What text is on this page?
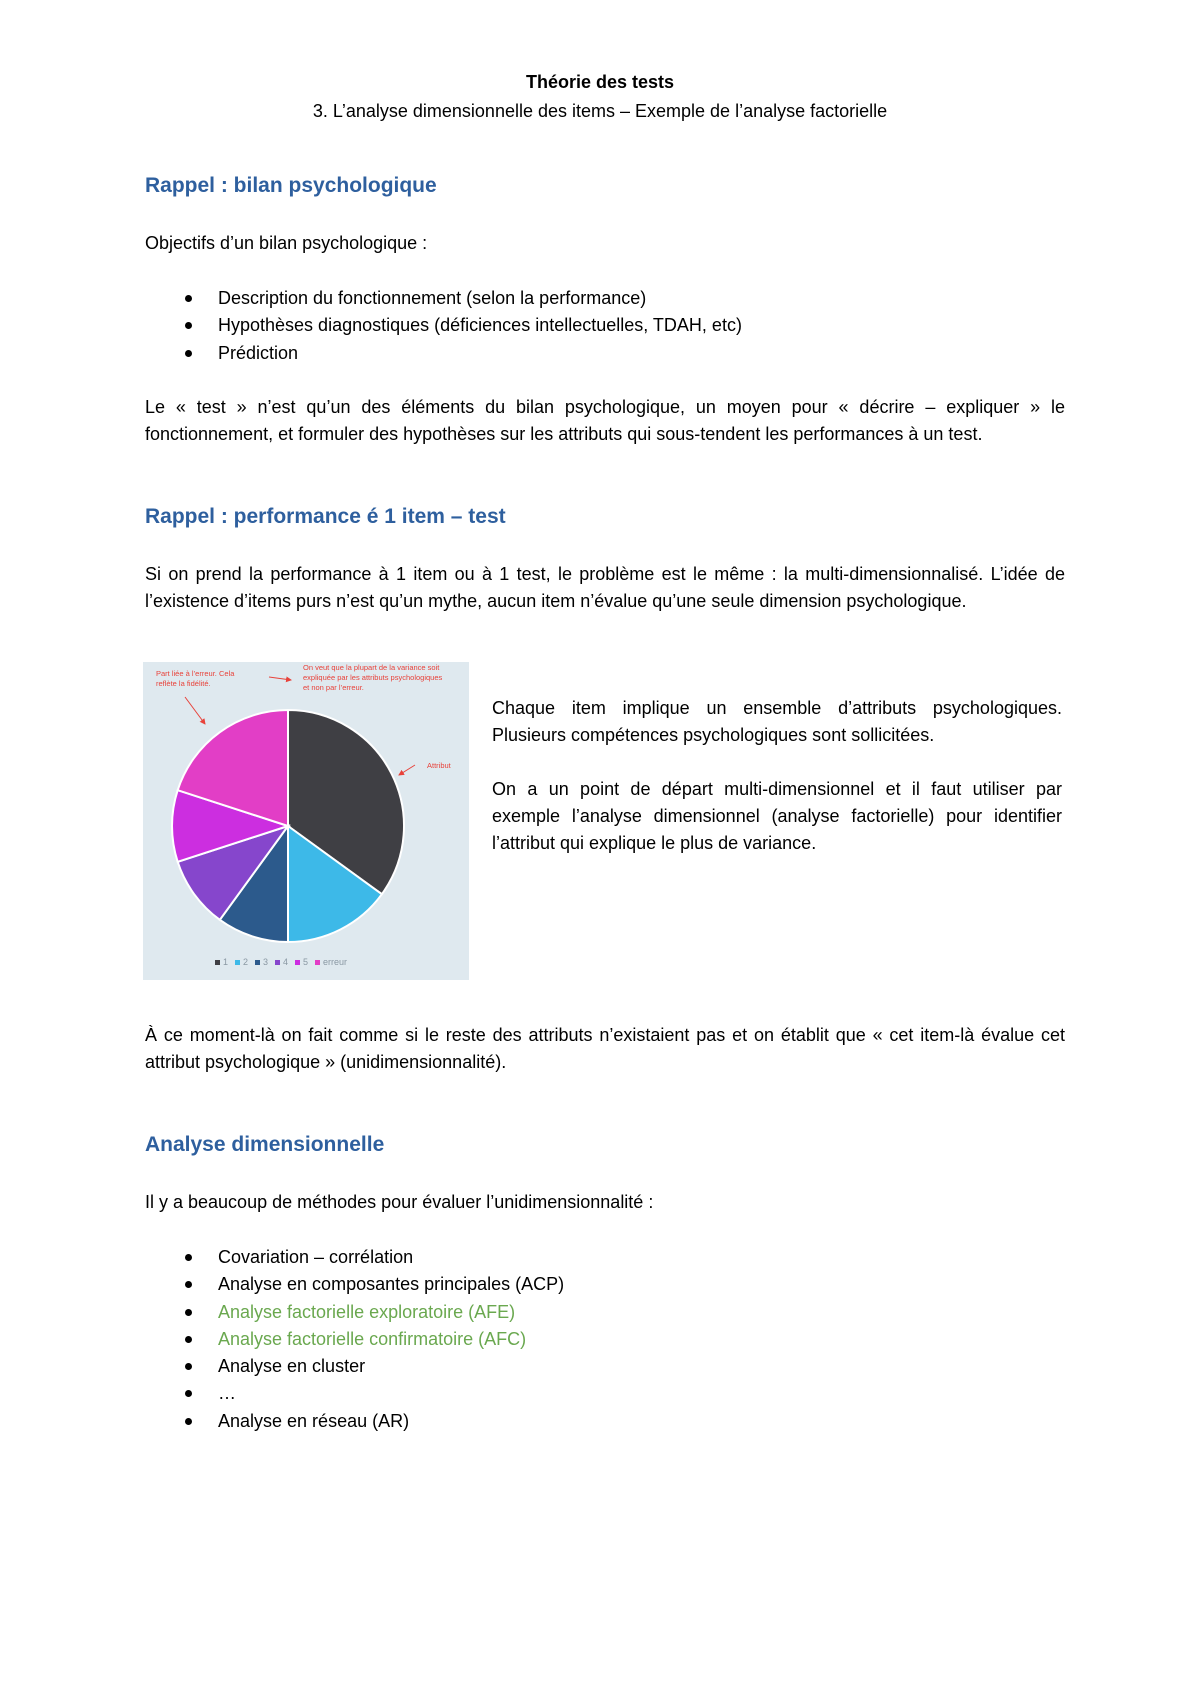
Théorie des tests
3. L’analyse dimensionnelle des items – Exemple de l’analyse factorielle
Rappel : bilan psychologique
Objectifs d’un bilan psychologique :
Description du fonctionnement (selon la performance)
Hypothèses diagnostiques (déficiences intellectuelles, TDAH, etc)
Prédiction
Le « test » n’est qu’un des éléments du bilan psychologique, un moyen pour « décrire – expliquer » le fonctionnement, et formuler des hypothèses sur les attributs qui sous-tendent les performances à un test.
Rappel : performance é 1 item – test
Si on prend la performance à 1 item ou à 1 test, le problème est le même : la multi-dimensionnalisé. L’idée de l’existence d’items purs n’est qu’un mythe, aucun item n’évalue qu’une seule dimension psychologique.
Part liée à l’erreur. Cela reflète la fidélité.
On veut que la plupart de la variance soit expliquée par les attributs psychologiques et non par l’erreur.
Attribut
1 2 3 4 5 erreur
Chaque item implique un ensemble d’attributs psychologiques. Plusieurs compétences psychologiques sont sollicitées.
On a un point de départ multi-dimensionnel et il faut utiliser par exemple l’analyse dimensionnel (analyse factorielle) pour identifier l’attribut qui explique le plus de variance.
À ce moment-là on fait comme si le reste des attributs n’existaient pas et on établit que « cet item-là évalue cet attribut psychologique » (unidimensionnalité).
Analyse dimensionnelle
Il y a beaucoup de méthodes pour évaluer l’unidimensionnalité :
Covariation – corrélation
Analyse en composantes principales (ACP)
Analyse factorielle exploratoire (AFE)
Analyse factorielle confirmatoire (AFC)
Analyse en cluster
…
Analyse en réseau (AR)
